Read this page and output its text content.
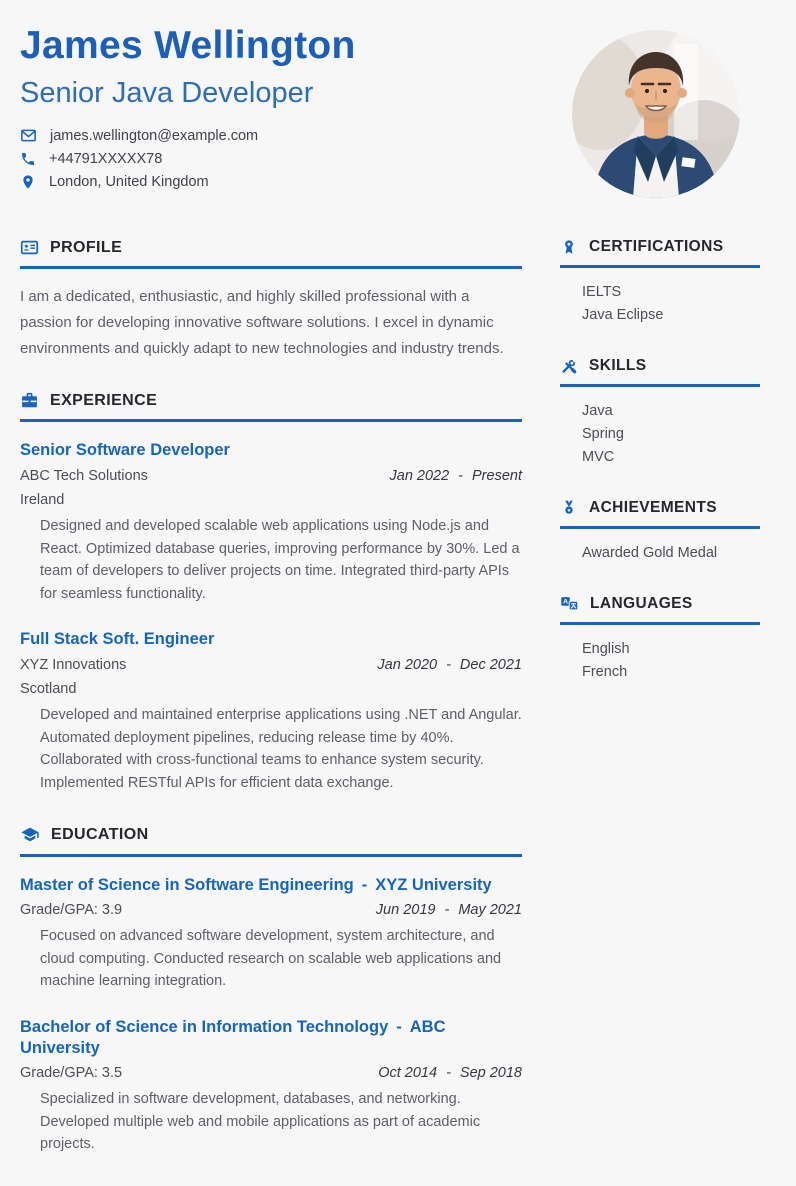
James Wellington
Senior Java Developer
james.wellington@example.com
+44791XXXXX78
London, United Kingdom
PROFILE

I am a dedicated, enthusiastic, and highly skilled professional with a passion for developing innovative software solutions. I excel in dynamic environments and quickly adapt to new technologies and industry trends.

EXPERIENCE
Senior Software Developer
ABC Tech Solutions	Jan 2022 - Present
Ireland

Designed and developed scalable web applications using Node.js and React. Optimized database queries, improving performance by 30%. Led a team of developers to deliver projects on time. Integrated third-party APIs for seamless functionality.

Full Stack Soft. Engineer
XYZ Innovations	Jan 2020 - Dec 2021
Scotland

Developed and maintained enterprise applications using .NET and Angular. Automated deployment pipelines, reducing release time by 40%. Collaborated with cross-functional teams to enhance system security. Implemented RESTful APIs for efficient data exchange.

EDUCATION
Master of Science in Software Engineering - XYZ University
Grade/GPA: 3.9	Jun 2019 - May 2021

Focused on advanced software development, system architecture, and cloud computing. Conducted research on scalable web applications and machine learning integration.

Bachelor of Science in Information Technology - ABC University
Grade/GPA: 3.5	Oct 2014 - Sep 2018

Specialized in software development, databases, and networking. Developed multiple web and mobile applications as part of academic projects.

CERTIFICATIONS
IELTS
Java Eclipse
SKILLS
Java
Spring
MVC
ACHIEVEMENTS
Awarded Gold Medal
A LANGUAGES
English
French
